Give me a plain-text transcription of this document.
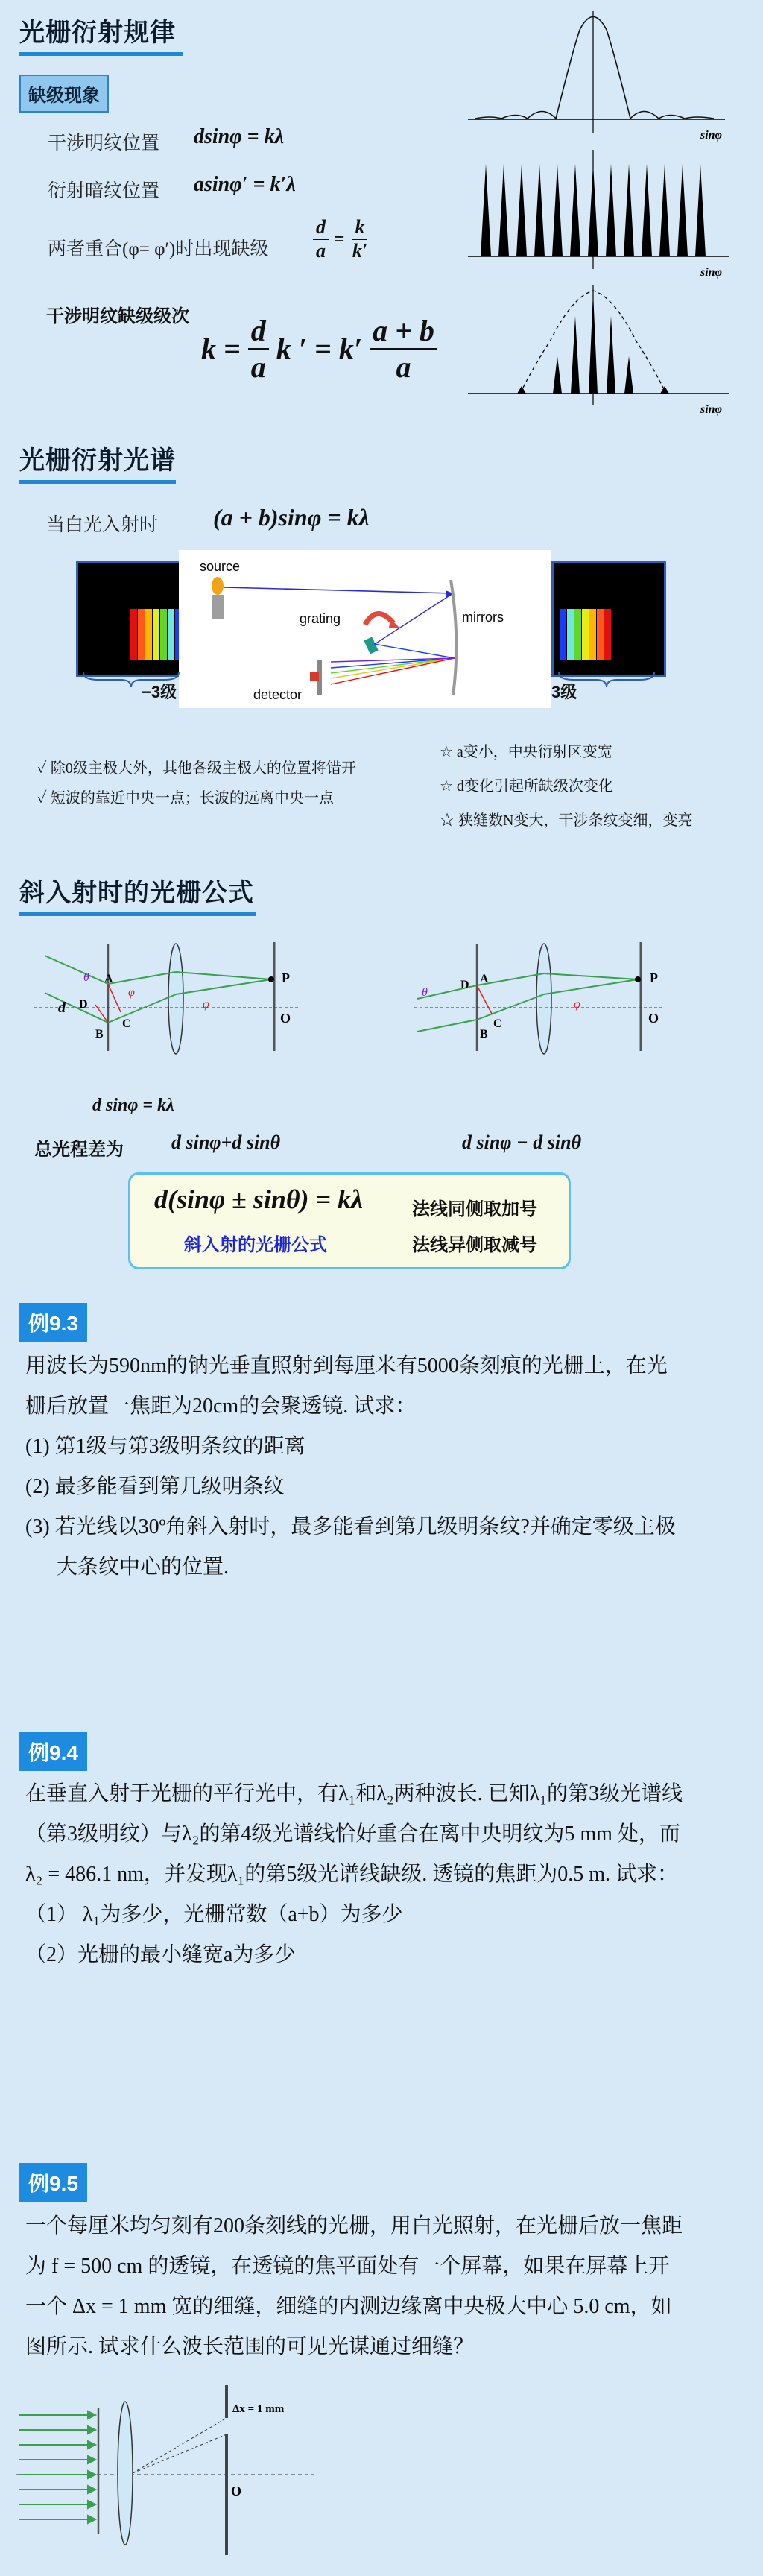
光栅衍射规律
缺级现象
干涉明纹位置 dsinφ = kλ
衍射暗纹位置 asinφ′ = k′λ
两者重合(φ= φ′)时出现缺级 $\frac{d}{a} = \frac{k}{k'}$
干涉明纹缺级级次
$k = \frac{d}{a}$ k ′ = $k' \frac{a + b}{a}$
sinφ
sinφ
sinφ
光栅衍射光谱
当白光入射时 (a + b)sinφ = kλ
source
mirrors
grating
detector
−3级	3级
✓ 除0级主极大外，其他各级主极大的位置将错开
✓ 短波的靠近中央一点；长波的远离中央一点
☆ a变小，中央衍射区变宽
☆ d变化引起所缺级次变化
☆ 狭缝数N变大，干涉条纹变细，变亮
斜入射时的光栅公式
A
B
C
D
d
θ
φ
φ
P
O
A
B
C
D
θ
φ
P
O
d sinφ = kλ
总光程差为 d sinφ+d sinθ	d sinφ − d sinθ
d(sinφ ± sinθ) = kλ
斜入射的光栅公式
法线同侧取加号
法线异侧取减号
例9.3
用波长为590nm的钠光垂直照射到每厘米有5000条刻痕的光栅上，在光
栅后放置一焦距为20cm的会聚透镜. 试求：
(1) 第1级与第3级明条纹的距离
(2) 最多能看到第几级明条纹
(3) 若光线以30º角斜入射时，最多能看到第几级明条纹?并确定零级主极
大条纹中心的位置.
例9.4
在垂直入射于光栅的平行光中，有λ₁和λ₂两种波长. 已知λ₁的第3级光谱线
（第3级明纹）与λ₂的第4级光谱线恰好重合在离中央明纹为5 mm 处，而
λ₂ = 486.1 nm，并发现λ₁的第5级光谱线缺级. 透镜的焦距为0.5 m. 试求：
（1） λ₁为多少，光栅常数（a+b）为多少
（2）光栅的最小缝宽a为多少
例9.5
一个每厘米均匀刻有200条刻线的光栅，用白光照射，在光栅后放一焦距
为 f = 500 cm 的透镜，在透镜的焦平面处有一个屏幕，如果在屏幕上开
一个 Δx = 1 mm 宽的细缝，细缝的内测边缘离中央极大中心 5.0 cm，如
图所示. 试求什么波长范围的可见光谋通过细缝？
Δx = 1 mm
O
